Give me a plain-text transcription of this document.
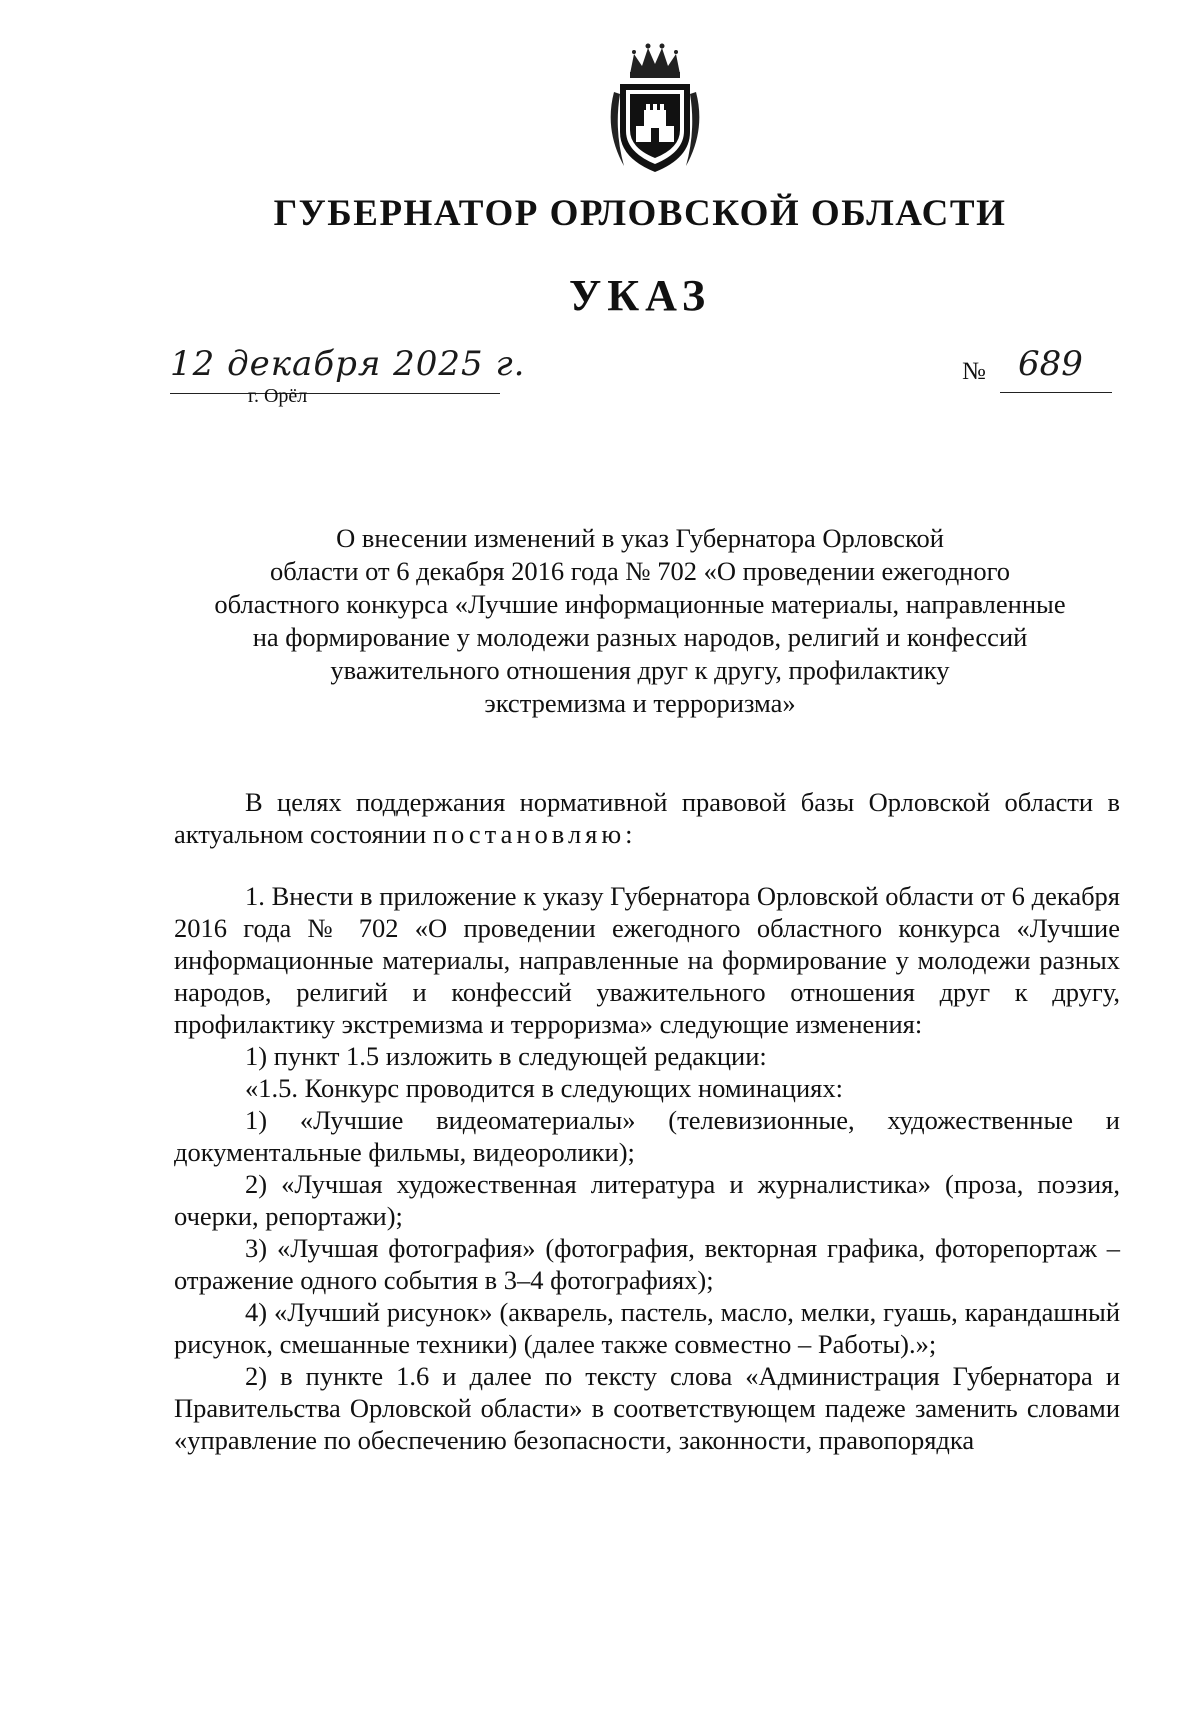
ГУБЕРНАТОР ОРЛОВСКОЙ ОБЛАСТИ
УКАЗ
12 декабря 2025 г.
г. Орёл
№ 689
О внесении изменений в указ Губернатора Орловской
области от 6 декабря 2016 года № 702 «О проведении ежегодного
областного конкурса «Лучшие информационные материалы, направленные
на формирование у молодежи разных народов, религий и конфессий
уважительного отношения друг к другу, профилактику
экстремизма и терроризма»

В целях поддержания нормативной правовой базы Орловской области в актуальном состоянии постановляю:

1. Внести в приложение к указу Губернатора Орловской области от 6 декабря 2016 года № 702 «О проведении ежегодного областного конкурса «Лучшие информационные материалы, направленные на формирование у молодежи разных народов, религий и конфессий уважительного отношения друг к другу, профилактику экстремизма и терроризма» следующие изменения:

1) пункт 1.5 изложить в следующей редакции:

«1.5. Конкурс проводится в следующих номинациях:

1) «Лучшие видеоматериалы» (телевизионные, художественные и документальные фильмы, видеоролики);

2) «Лучшая художественная литература и журналистика» (проза, поэзия, очерки, репортажи);

3) «Лучшая фотография» (фотография, векторная графика, фоторепортаж – отражение одного события в 3–4 фотографиях);

4) «Лучший рисунок» (акварель, пастель, масло, мелки, гуашь, карандашный рисунок, смешанные техники) (далее также совместно – Работы).»;

2) в пункте 1.6 и далее по тексту слова «Администрация Губернатора и Правительства Орловской области» в соответствующем падеже заменить словами «управление по обеспечению безопасности, законности, правопорядка
